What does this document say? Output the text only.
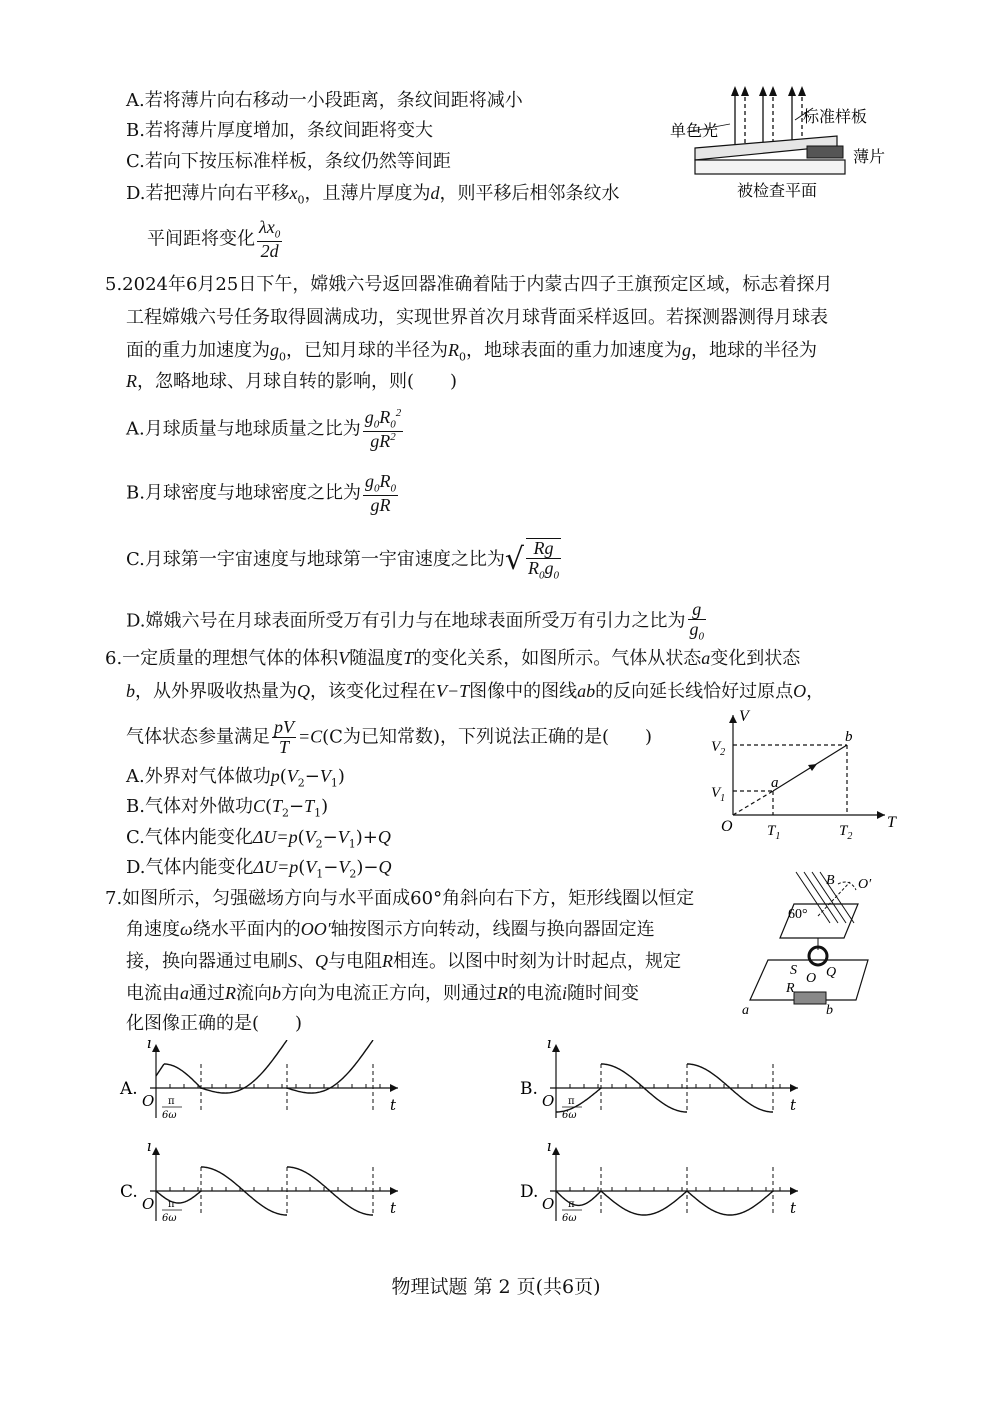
A.若将薄片向右移动一小段距离，条纹间距将减小
B.若将薄片厚度增加，条纹间距将变大
C.若向下按压标准样板，条纹仍然等间距
D.若把薄片向右平移$x_0$，且薄片厚度为d，则平移后相邻条纹水
平间距将变化 $\frac{\lambda x_0}{2d}$
单色光
标准样板
薄片
被检查平面
5.2024年6月25日下午，嫦娥六号返回器准确着陆于内蒙古四子王旗预定区域，标志着探月
工程嫦娥六号任务取得圆满成功，实现世界首次月球背面采样返回。若探测器测得月球表
面的重力加速度为$g_0$，已知月球的半径为$R_0$，地球表面的重力加速度为g，地球的半径为
R，忽略地球、月球自转的影响，则(　　)
A.月球质量与地球质量之比为 $\frac{g_0R_0^2}{gR^2}$
B.月球密度与地球密度之比为 $\frac{g_0R_0}{gR}$
C.月球第一宇宙速度与地球第一宇宙速度之比为√ $\frac{Rg}{R_0g_0}$
D.嫦娥六号在月球表面所受万有引力与在地球表面所受万有引力之比为 $\frac{g}{g_0}$
6.一定质量的理想气体的体积V随温度T的变化关系，如图所示。气体从状态a变化到状态
b，从外界吸收热量为Q，该变化过程在V−T图像中的图线ab的反向延长线恰好过原点O，
气体状态参量满足 $\frac{pV}{T} =C(C$为已知常数)，下列说法正确的是(　　)
A.外界对气体做功$p(V_2-V_1)$
B.气体对外做功$C(T_2-T_1)$
C.气体内能变化$\Delta U=p(V_2-V_1)+Q$
D.气体内能变化$\Delta U=p(V_1-V_2)-Q$
V
T
O
$V_2$
$V_1$
$T_1$	$T_2$
a
b
7.如图所示，匀强磁场方向与水平面成60°角斜向右下方，矩形线圈以恒定
角速度ω绕水平面内的OO′轴按图示方向转动，线圈与换向器固定连
接，换向器通过电刷S、Q与电阻R相连。以图中时刻为计时起点，规定
电流由a通过R流向b方向为电流正方向，则通过R的电流i随时间变
化图像正确的是(　　)
60°
B O′
S Q
O
R
a	b
A.
i
t
O π
6ω
B.
i
t
O π
6ω
C.
i
t
O π
6ω
D.
i
t
O π
6ω
物理试题 第 2 页(共6页)
